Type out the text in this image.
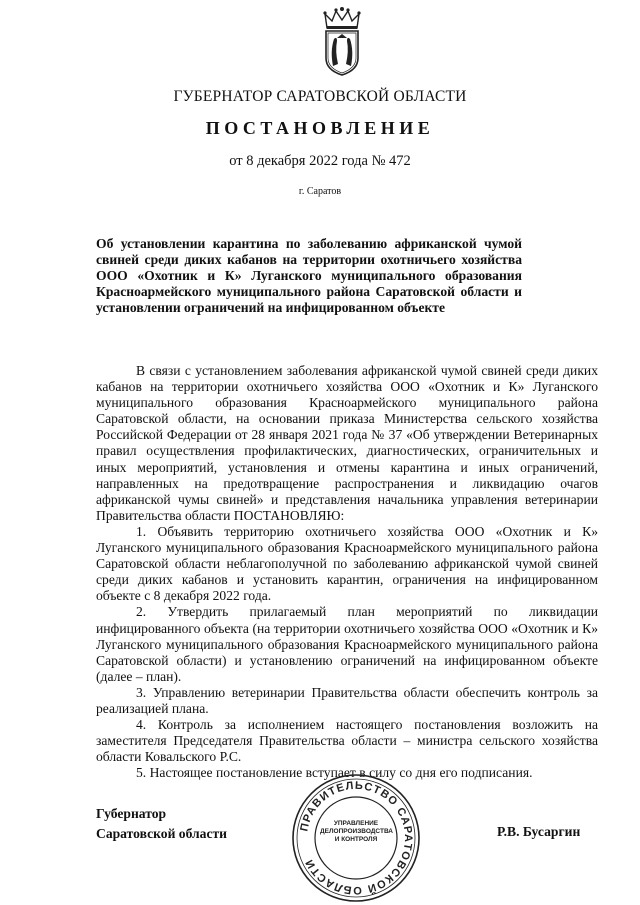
ГУБЕРНАТОР САРАТОВСКОЙ ОБЛАСТИ
ПОСТАНОВЛЕНИЕ
от 8 декабря 2022 года № 472
г. Саратов
Об установлении карантина по заболеванию африканской чумой свиней среди диких кабанов на территории охотничьего хозяйства ООО «Охотник и К» Луганского муниципального образования Красноармейского муниципального района Саратовской области и установлении ограничений на инфицированном объекте

В связи с установлением заболевания африканской чумой свиней среди диких кабанов на территории охотничьего хозяйства ООО «Охотник и К» Луганского муниципального образования Красноармейского муниципального района Саратовской области, на основании приказа Министерства сельского хозяйства Российской Федерации от 28 января 2021 года № 37 «Об утверждении Ветеринарных правил осуществления профилактических, диагностических, ограничительных и иных мероприятий, установления и отмены карантина и иных ограничений, направленных на предотвращение распространения и ликвидацию очагов африканской чумы свиней» и представления начальника управления ветеринарии Правительства области ПОСТАНОВЛЯЮ:

1. Объявить территорию охотничьего хозяйства ООО «Охотник и К» Луганского муниципального образования Красноармейского муниципального района Саратовской области неблагополучной по заболеванию африканской чумой свиней среди диких кабанов и установить карантин, ограничения на инфицированном объекте с 8 декабря 2022 года.

2. Утвердить прилагаемый план мероприятий по ликвидации инфицированного объекта (на территории охотничьего хозяйства ООО «Охотник и К» Луганского муниципального образования Красноармейского муниципального района Саратовской области) и установлению ограничений на инфицированном объекте (далее – план).

3. Управлению ветеринарии Правительства области обеспечить контроль за реализацией плана.

4. Контроль за исполнением настоящего постановления возложить на заместителя Председателя Правительства области – министра сельского хозяйства области Ковальского Р.С.

5. Настоящее постановление вступает в силу со дня его подписания.

Губернатор
Саратовской области	ПРАВИТЕЛЬСТВО САРАТОВСКОЙ ОБЛАСТИ
УПРАВЛЕНИЕ
ДЕЛОПРОИЗВОДСТВА
И КОНТРОЛЯ
Р.В. Бусаргин
